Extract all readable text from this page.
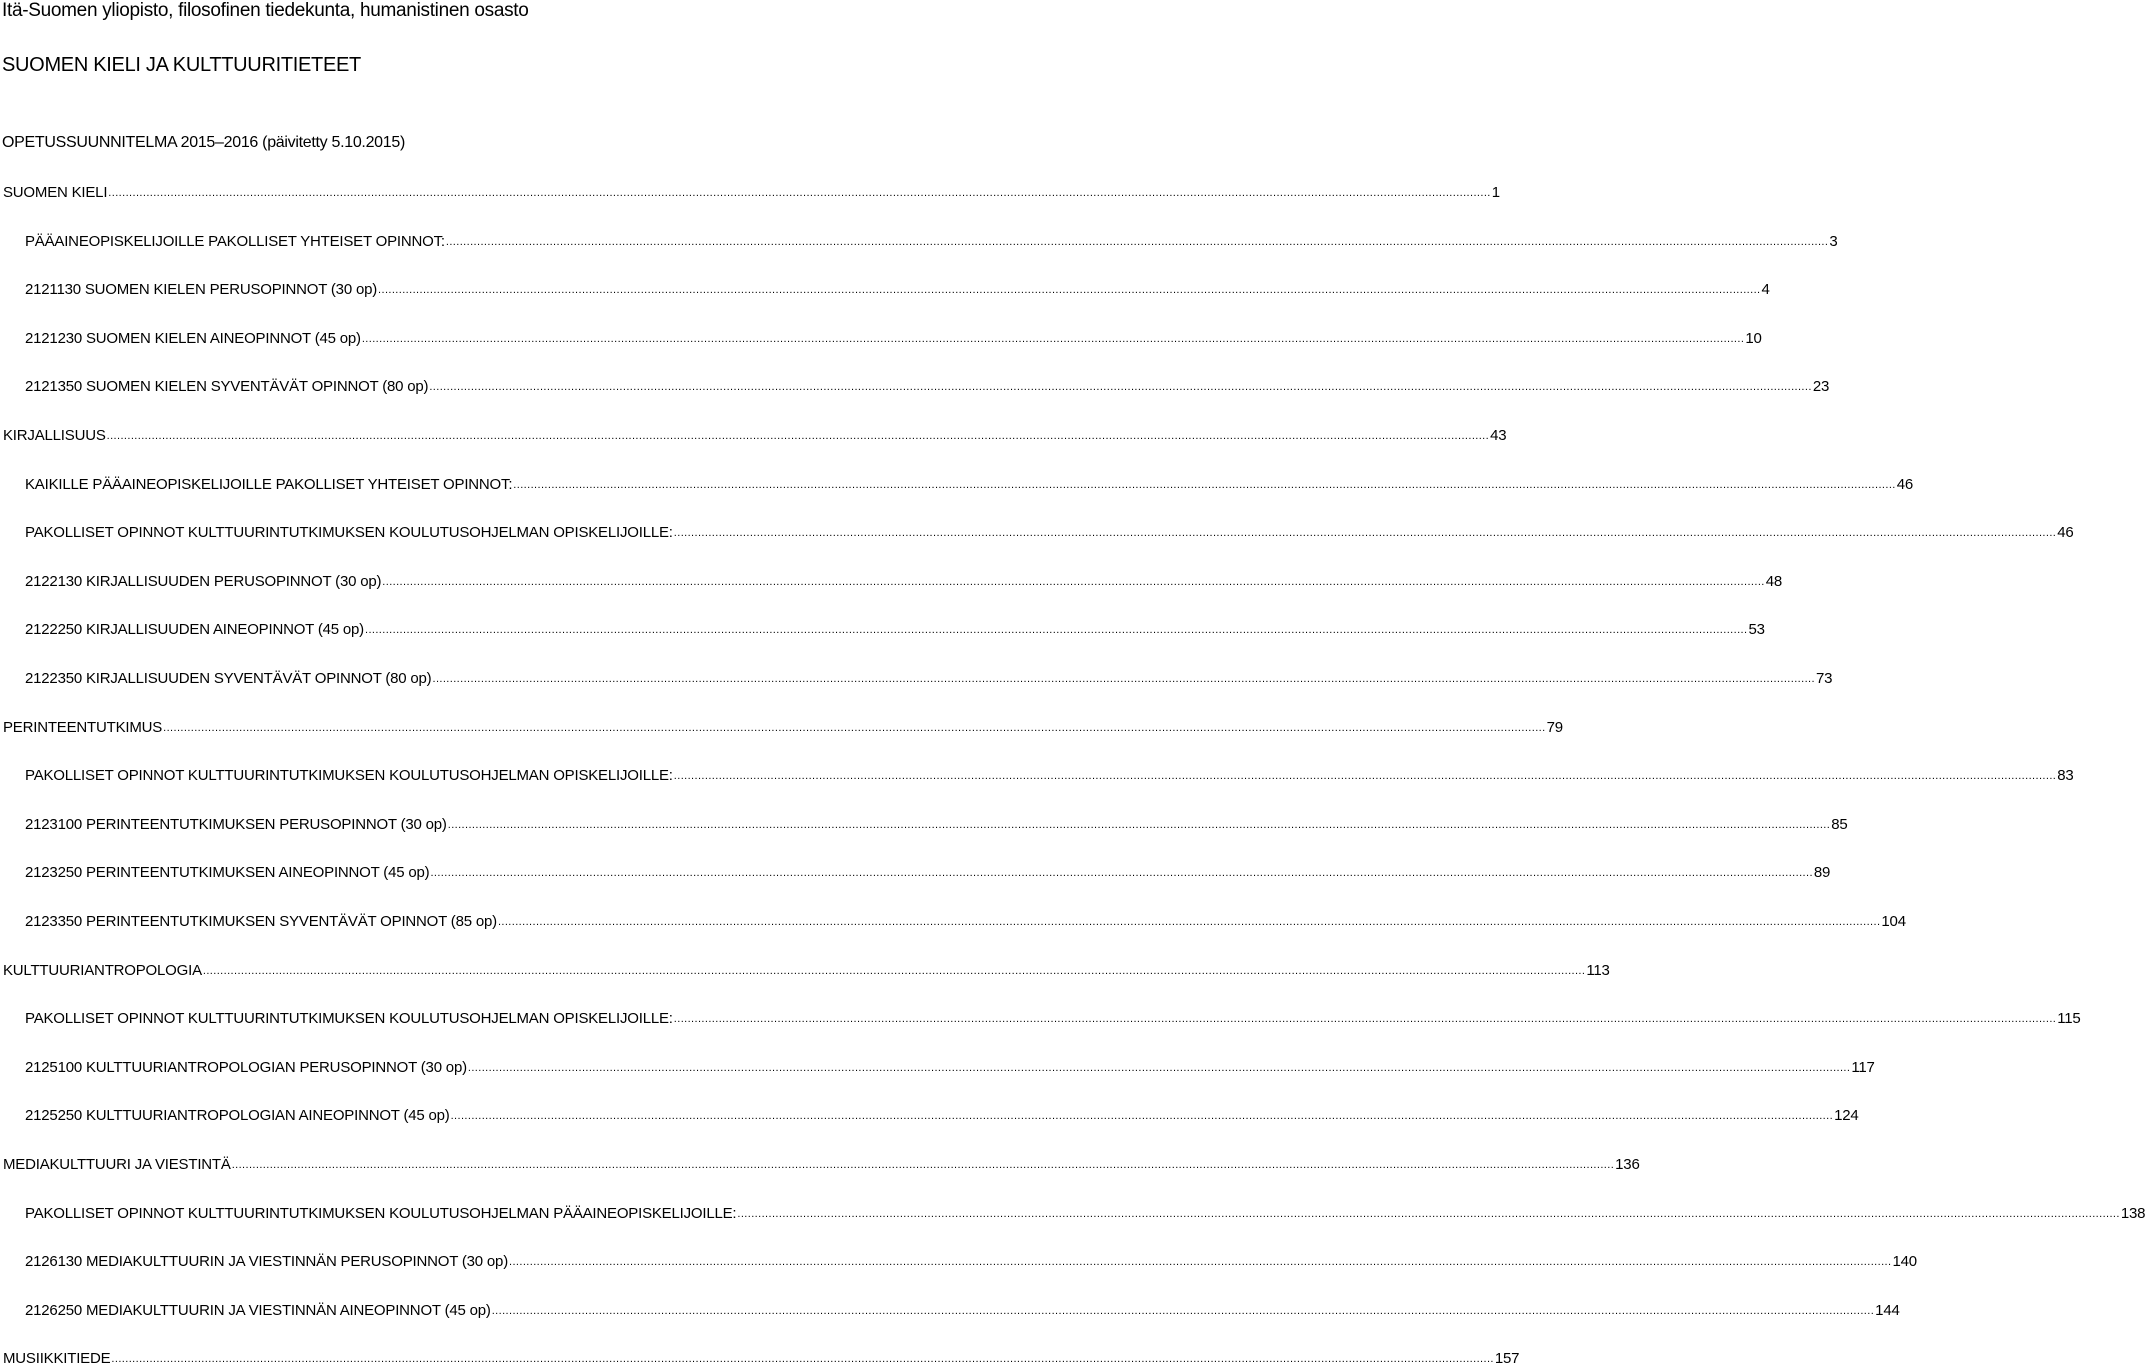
Itä-Suomen yliopisto, filosofinen tiedekunta, humanistinen osasto
SUOMEN KIELI JA KULTTUURITIETEET
OPETUSSUUNNITELMA 2015–2016 (päivitetty 5.10.2015)
SUOMEN KIELI ................................................................................................................................................................................................................................................................................................................................................................................................................ 1
PÄÄAINEOPISKELIJOILLE PAKOLLISET YHTEISET OPINNOT: ................................................................................................................................................................................................................................................................................................................................................................................................................ 3
2121130 SUOMEN KIELEN PERUSOPINNOT (30 op) ................................................................................................................................................................................................................................................................................................................................................................................................................ 4
2121230 SUOMEN KIELEN AINEOPINNOT (45 op) ................................................................................................................................................................................................................................................................................................................................................................................................................ 10
2121350 SUOMEN KIELEN SYVENTÄVÄT OPINNOT (80 op) ................................................................................................................................................................................................................................................................................................................................................................................................................ 23
KIRJALLISUUS ................................................................................................................................................................................................................................................................................................................................................................................................................ 43
KAIKILLE PÄÄAINEOPISKELIJOILLE PAKOLLISET YHTEISET OPINNOT: ................................................................................................................................................................................................................................................................................................................................................................................................................ 46
PAKOLLISET OPINNOT KULTTUURINTUTKIMUKSEN KOULUTUSOHJELMAN OPISKELIJOILLE: ................................................................................................................................................................................................................................................................................................................................................................................................................ 46
2122130 KIRJALLISUUDEN PERUSOPINNOT (30 op) ................................................................................................................................................................................................................................................................................................................................................................................................................ 48
2122250 KIRJALLISUUDEN AINEOPINNOT (45 op) ................................................................................................................................................................................................................................................................................................................................................................................................................ 53
2122350 KIRJALLISUUDEN SYVENTÄVÄT OPINNOT (80 op) ................................................................................................................................................................................................................................................................................................................................................................................................................ 73
PERINTEENTUTKIMUS ................................................................................................................................................................................................................................................................................................................................................................................................................ 79
PAKOLLISET OPINNOT KULTTUURINTUTKIMUKSEN KOULUTUSOHJELMAN OPISKELIJOILLE: ................................................................................................................................................................................................................................................................................................................................................................................................................ 83
2123100 PERINTEENTUTKIMUKSEN PERUSOPINNOT (30 op) ................................................................................................................................................................................................................................................................................................................................................................................................................ 85
2123250 PERINTEENTUTKIMUKSEN AINEOPINNOT (45 op) ................................................................................................................................................................................................................................................................................................................................................................................................................ 89
2123350 PERINTEENTUTKIMUKSEN SYVENTÄVÄT OPINNOT (85 op) ................................................................................................................................................................................................................................................................................................................................................................................................................ 104
KULTTUURIANTROPOLOGIA ................................................................................................................................................................................................................................................................................................................................................................................................................ 113
PAKOLLISET OPINNOT KULTTUURINTUTKIMUKSEN KOULUTUSOHJELMAN OPISKELIJOILLE: ................................................................................................................................................................................................................................................................................................................................................................................................................ 115
2125100 KULTTUURIANTROPOLOGIAN PERUSOPINNOT (30 op) ................................................................................................................................................................................................................................................................................................................................................................................................................ 117
2125250 KULTTUURIANTROPOLOGIAN AINEOPINNOT (45 op) ................................................................................................................................................................................................................................................................................................................................................................................................................ 124
MEDIAKULTTUURI JA VIESTINTÄ ................................................................................................................................................................................................................................................................................................................................................................................................................ 136
PAKOLLISET OPINNOT KULTTUURINTUTKIMUKSEN KOULUTUSOHJELMAN PÄÄAINEOPISKELIJOILLE: ................................................................................................................................................................................................................................................................................................................................................................................................................ 138
2126130 MEDIAKULTTUURIN JA VIESTINNÄN PERUSOPINNOT (30 op) ................................................................................................................................................................................................................................................................................................................................................................................................................ 140
2126250 MEDIAKULTTUURIN JA VIESTINNÄN AINEOPINNOT (45 op) ................................................................................................................................................................................................................................................................................................................................................................................................................ 144
MUSIIKKITIEDE ................................................................................................................................................................................................................................................................................................................................................................................................................ 157
